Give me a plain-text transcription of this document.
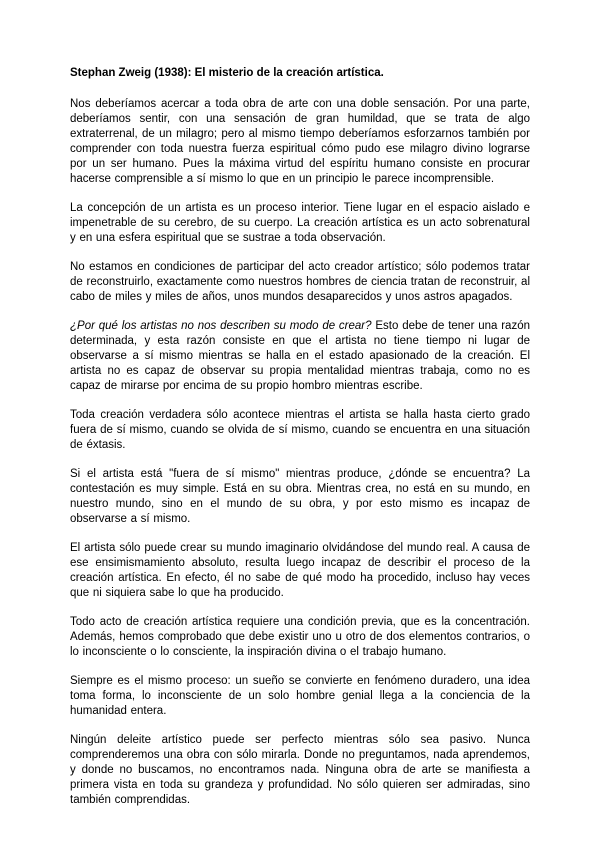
Stephan Zweig (1938): El misterio de la creación artística.

Nos deberíamos acercar a toda obra de arte con una doble sensación. Por una parte, deberíamos sentir, con una sensación de gran humildad, que se trata de algo extraterrenal, de un milagro; pero al mismo tiempo deberíamos esforzarnos también por comprender con toda nuestra fuerza espiritual cómo pudo ese milagro divino lograrse por un ser humano. Pues la máxima virtud del espíritu humano consiste en procurar hacerse comprensible a sí mismo lo que en un principio le parece incomprensible.

La concepción de un artista es un proceso interior. Tiene lugar en el espacio aislado e impenetrable de su cerebro, de su cuerpo. La creación artística es un acto sobrenatural y en una esfera espiritual que se sustrae a toda observación.

No estamos en condiciones de participar del acto creador artístico; sólo podemos tratar de reconstruirlo, exactamente como nuestros hombres de ciencia tratan de reconstruir, al cabo de miles y miles de años, unos mundos desaparecidos y unos astros apagados.

¿Por qué los artistas no nos describen su modo de crear? Esto debe de tener una razón determinada, y esta razón consiste en que el artista no tiene tiempo ni lugar de observarse a sí mismo mientras se halla en el estado apasionado de la creación. El artista no es capaz de observar su propia mentalidad mientras trabaja, como no es capaz de mirarse por encima de su propio hombro mientras escribe.

Toda creación verdadera sólo acontece mientras el artista se halla hasta cierto grado fuera de sí mismo, cuando se olvida de sí mismo, cuando se encuentra en una situación de éxtasis.

Si el artista está "fuera de sí mismo" mientras produce, ¿dónde se encuentra? La contestación es muy simple. Está en su obra. Mientras crea, no está en su mundo, en nuestro mundo, sino en el mundo de su obra, y por esto mismo es incapaz de observarse a sí mismo.

El artista sólo puede crear su mundo imaginario olvidándose del mundo real. A causa de ese ensimismamiento absoluto, resulta luego incapaz de describir el proceso de la creación artística. En efecto, él no sabe de qué modo ha procedido, incluso hay veces que ni siquiera sabe lo que ha producido.

Todo acto de creación artística requiere una condición previa, que es la concentración. Además, hemos comprobado que debe existir uno u otro de dos elementos contrarios, o lo inconsciente o lo consciente, la inspiración divina o el trabajo humano.

Siempre es el mismo proceso: un sueño se convierte en fenómeno duradero, una idea toma forma, lo inconsciente de un solo hombre genial llega a la conciencia de la humanidad entera.

Ningún deleite artístico puede ser perfecto mientras sólo sea pasivo. Nunca comprenderemos una obra con sólo mirarla. Donde no preguntamos, nada aprendemos, y donde no buscamos, no encontramos nada. Ninguna obra de arte se manifiesta a primera vista en toda su grandeza y profundidad. No sólo quieren ser admiradas, sino también comprendidas.
